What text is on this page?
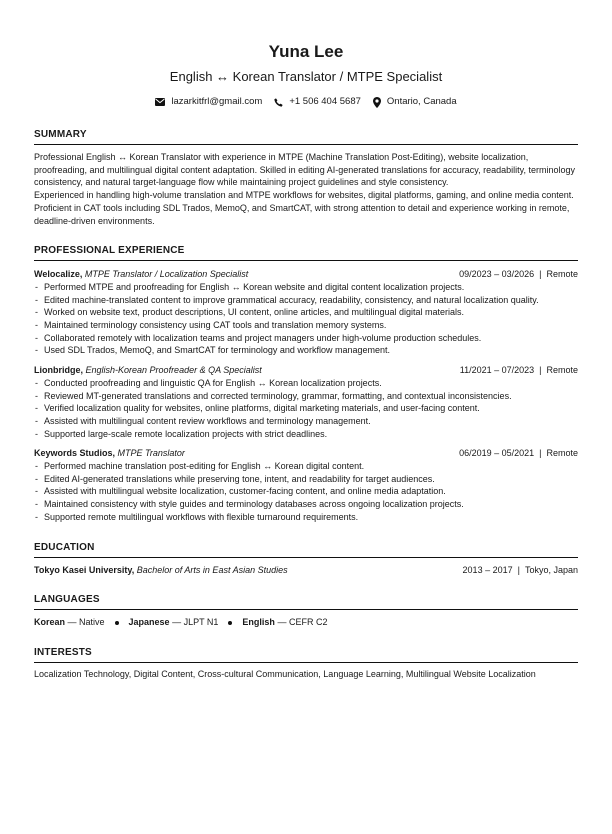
Yuna Lee
English ↔ Korean Translator / MTPE Specialist
lazarkitfrl@gmail.com	+1 506 404 5687	Ontario, Canada
SUMMARY
Professional English ↔ Korean Translator with experience in MTPE (Machine Translation Post-Editing), website localization, proofreading, and multilingual digital content adaptation. Skilled in editing AI-generated translations for accuracy, readability, terminology consistency, and natural target-language flow while maintaining project guidelines and style consistency.
Experienced in handling high-volume translation and MTPE workflows for websites, digital platforms, gaming, and online media content. Proficient in CAT tools including SDL Trados, MemoQ, and SmartCAT, with strong attention to detail and experience working in remote, deadline-driven environments.
PROFESSIONAL EXPERIENCE
Welocalize, MTPE Translator / Localization Specialist	09/2023 – 03/2026 | Remote
- Performed MTPE and proofreading for English ↔ Korean website and digital content localization projects.
- Edited machine-translated content to improve grammatical accuracy, readability, consistency, and natural localization quality.
- Worked on website text, product descriptions, UI content, online articles, and multilingual digital materials.
- Maintained terminology consistency using CAT tools and translation memory systems.
- Collaborated remotely with localization teams and project managers under high-volume production schedules.
- Used SDL Trados, MemoQ, and SmartCAT for terminology and workflow management.
Lionbridge, English-Korean Proofreader & QA Specialist	11/2021 – 07/2023 | Remote
- Conducted proofreading and linguistic QA for English ↔ Korean localization projects.
- Reviewed MT-generated translations and corrected terminology, grammar, formatting, and contextual inconsistencies.
- Verified localization quality for websites, online platforms, digital marketing materials, and user-facing content.
- Assisted with multilingual content review workflows and terminology management.
- Supported large-scale remote localization projects with strict deadlines.
Keywords Studios, MTPE Translator	06/2019 – 05/2021 | Remote
- Performed machine translation post-editing for English ↔ Korean digital content.
- Edited AI-generated translations while preserving tone, intent, and readability for target audiences.
- Assisted with multilingual website localization, customer-facing content, and online media adaptation.
- Maintained consistency with style guides and terminology databases across ongoing localization projects.
- Supported remote multilingual workflows with flexible turnaround requirements.
EDUCATION
Tokyo Kasei University, Bachelor of Arts in East Asian Studies	2013 – 2017 | Tokyo, Japan
LANGUAGES
Korean — Native	Japanese — JLPT N1	English — CEFR C2
INTERESTS
Localization Technology, Digital Content, Cross-cultural Communication, Language Learning, Multilingual Website Localization
